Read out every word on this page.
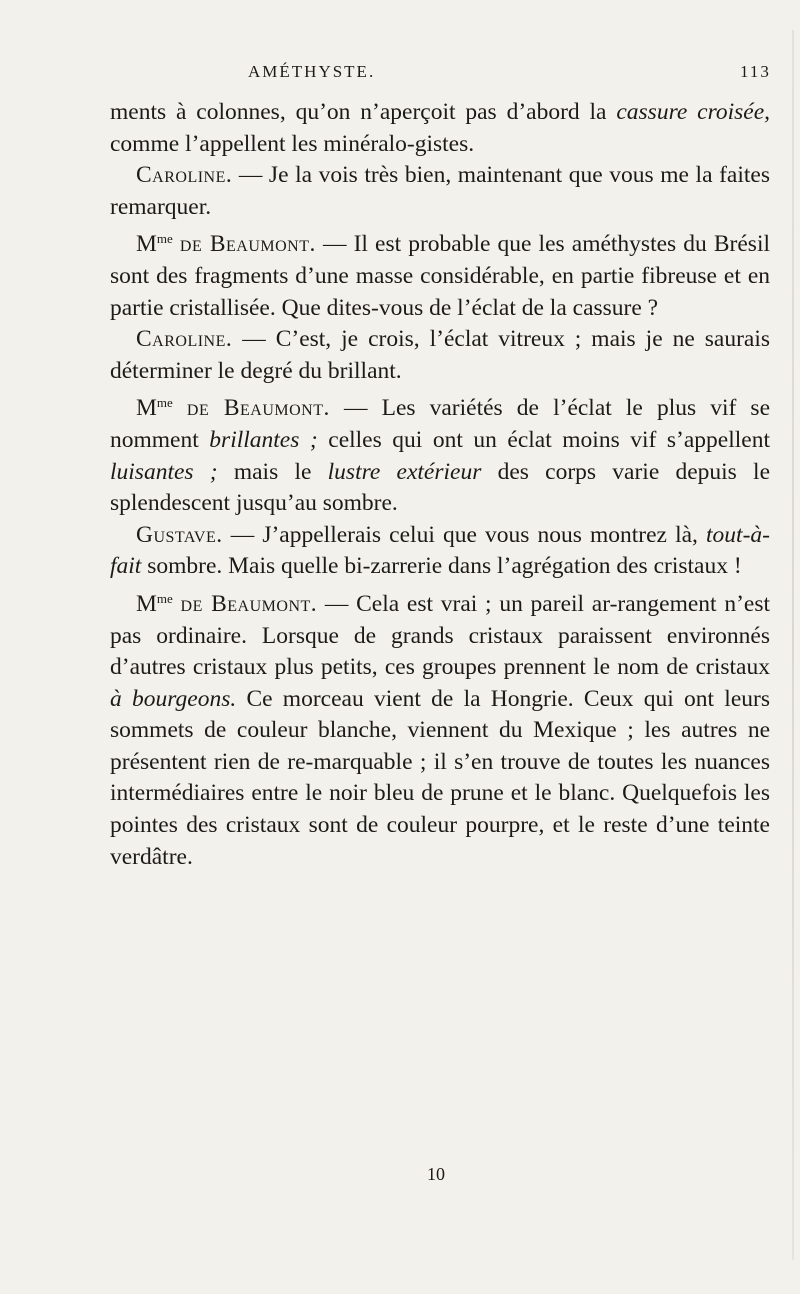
AMÉTHYSTE.	113

ments à colonnes, qu’on n’aperçoit pas d’abord la cassure croisée, comme l’appellent les minéralo-gistes.

Caroline. — Je la vois très bien, maintenant que vous me la faites remarquer.

$M^{me}$ de Beaumont. — Il est probable que les améthystes du Brésil sont des fragments d’une masse considérable, en partie fibreuse et en partie cristallisée. Que dites-vous de l’éclat de la cassure ?

Caroline. — C’est, je crois, l’éclat vitreux ; mais je ne saurais déterminer le degré du brillant.

$M^{me}$ de Beaumont. — Les variétés de l’éclat le plus vif se nomment brillantes ; celles qui ont un éclat moins vif s’appellent luisantes ; mais le lustre extérieur des corps varie depuis le splendescent jusqu’au sombre.

Gustave. — J’appellerais celui que vous nous montrez là, tout-à-fait sombre. Mais quelle bi-zarrerie dans l’agrégation des cristaux !

$M^{me}$ de Beaumont. — Cela est vrai ; un pareil ar-rangement n’est pas ordinaire. Lorsque de grands cristaux paraissent environnés d’autres cristaux plus petits, ces groupes prennent le nom de cristaux à bourgeons. Ce morceau vient de la Hongrie. Ceux qui ont leurs sommets de couleur blanche, viennent du Mexique ; les autres ne présentent rien de re-marquable ; il s’en trouve de toutes les nuances intermédiaires entre le noir bleu de prune et le blanc. Quelquefois les pointes des cristaux sont de couleur pourpre, et le reste d’une teinte verdâtre.

10
